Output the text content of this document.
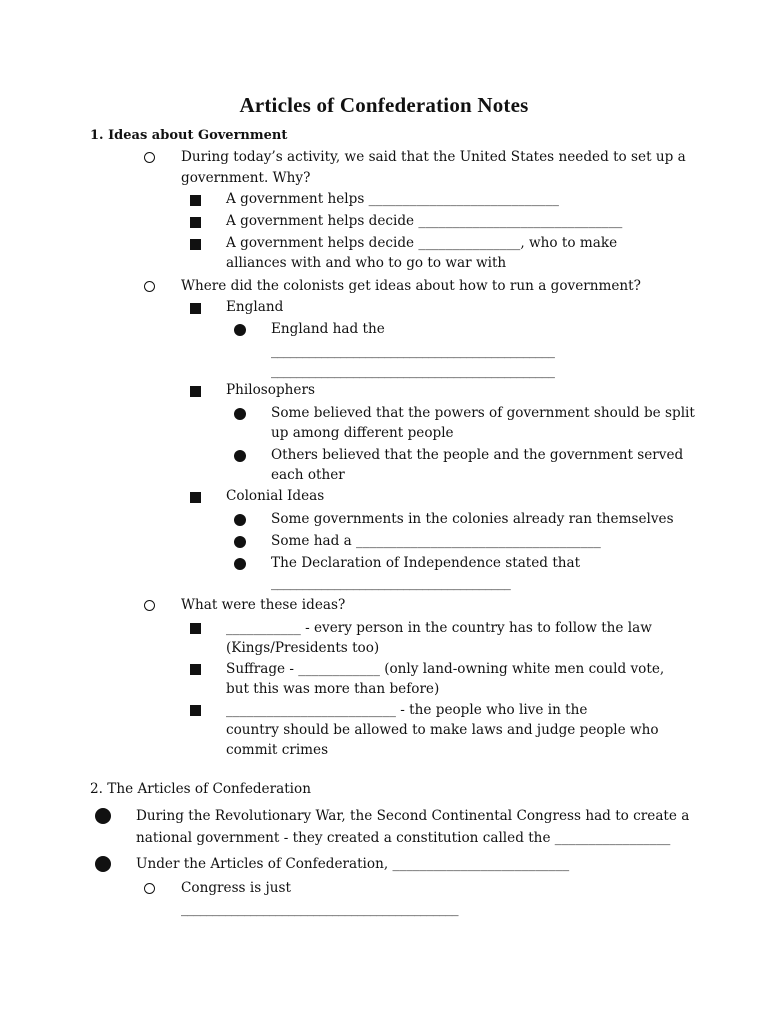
Articles of Confederation Notes
1. Ideas about Government
During today’s activity, we said that the United States needed to set up a
government. Why?
A government helps ____________________________
A government helps decide ______________________________
A government helps decide _______________, who to make
alliances with and who to go to war with
Where did the colonists get ideas about how to run a government?
England
England had the
_____________________________________________
_____________________________________________
Philosophers
Some believed that the powers of government should be split
up among different people
Others believed that the people and the government served
each other
Colonial Ideas
Some governments in the colonies already ran themselves
Some had a ____________________________________
The Declaration of Independence stated that
______________________________________
What were these ideas?
___________ - every person in the country has to follow the law
(Kings/Presidents too)
Suffrage - ____________ (only land-owning white men could vote,
but this was more than before)
_________________________ - the people who live in the
country should be allowed to make laws and judge people who
commit crimes
2. The Articles of Confederation
During the Revolutionary War, the Second Continental Congress had to create a
national government - they created a constitution called the _________________
Under the Articles of Confederation, __________________________
Congress is just
____________________________________________
